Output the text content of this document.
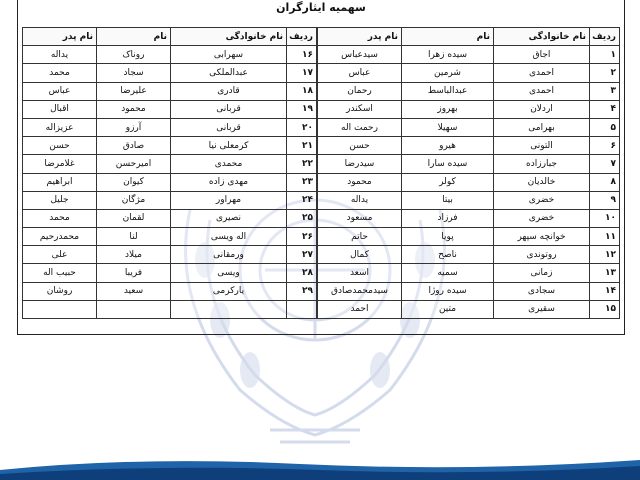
سهمیه ایثارگران
ردیف	نام خانوادگی	نام	نام پدر
۱	اجاق	سیده زهرا	سیدعباس
۲	احمدی	شرمین	عباس
۳	احمدی	عبدالباسط	رحمان
۴	اردلان	بهروز	اسکندر
۵	بهرامی	سهیلا	رحمت اله
۶	التونی	هیرو	حسن
۷	جبارزاده	سیده سارا	سیدرضا
۸	خالدیان	کولر	محمود
۹	خضری	بیتا	یداله
۱۰	خضری	فرزاد	مسعود
۱۱	خوانچه سپهر	پویا	حاتم
۱۲	روتوندی	ناصح	کمال
۱۳	زمانی	سمیه	اسعد
۱۴	سجادی	سیده روژا	سیدمحمدصادق
۱۵	سقیری	متین	احمد
ردیف	نام خانوادگی	نام	نام پدر
۱۶	سهرابی	روناک	یداله
۱۷	عبدالملکی	سجاد	محمد
۱۸	قادری	علیرضا	عباس
۱۹	قربانی	محمود	اقبال
۲۰	قربانی	آرزو	عزیزاله
۲۱	کرمعلی نیا	صادق	حسن
۲۲	محمدی	امیرحسن	غلامرضا
۲۳	مهدی زاده	کیوان	ابراهیم
۲۴	مهراور	مژگان	جلیل
۲۵	نصیری	لقمان	محمد
۲۶	اله ویسی	لنا	محمدرحیم
۲۷	ورمقانی	میلاد	علی
۲۸	ویسی	فریبا	حبیب اله
۲۹	یارکرمی	سعید	روشان
